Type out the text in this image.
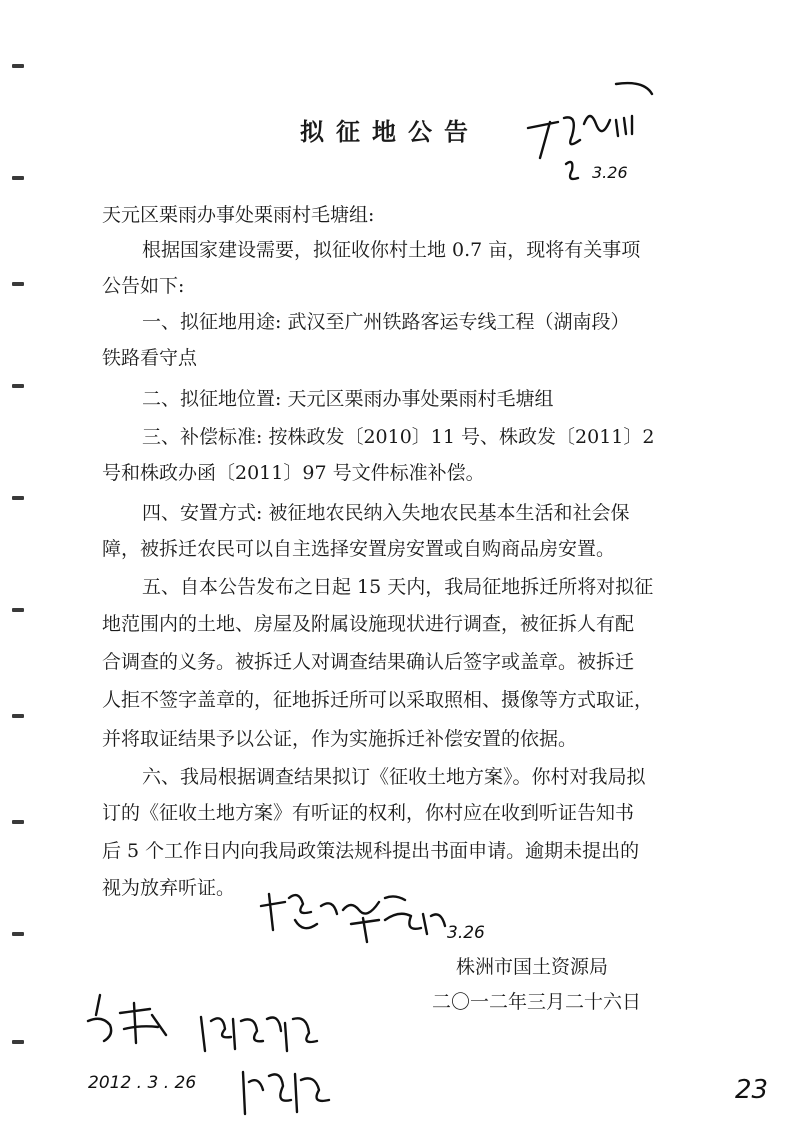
拟征地公告
3.26
天元区栗雨办事处栗雨村毛塘组:
根据国家建设需要，拟征收你村土地 0.7 亩，现将有关事项
公告如下:
一、拟征地用途: 武汉至广州铁路客运专线工程（湖南段）
铁路看守点
二、拟征地位置: 天元区栗雨办事处栗雨村毛塘组
三、补偿标准: 按株政发〔2010〕11 号、株政发〔2011〕2
号和株政办函〔2011〕97 号文件标准补偿。
四、安置方式: 被征地农民纳入失地农民基本生活和社会保
障，被拆迁农民可以自主选择安置房安置或自购商品房安置。
五、自本公告发布之日起 15 天内，我局征地拆迁所将对拟征
地范围内的土地、房屋及附属设施现状进行调查，被征拆人有配
合调查的义务。被拆迁人对调查结果确认后签字或盖章。被拆迁
人拒不签字盖章的，征地拆迁所可以采取照相、摄像等方式取证，
并将取证结果予以公证，作为实施拆迁补偿安置的依据。
六、我局根据调查结果拟订《征收土地方案》。你村对我局拟
订的《征收土地方案》有听证的权利，你村应在收到听证告知书
后 5 个工作日内向我局政策法规科提出书面申请。逾期未提出的
视为放弃听证。
3.26
株洲市国土资源局
二〇一二年三月二十六日
2012 . 3 . 26	23
